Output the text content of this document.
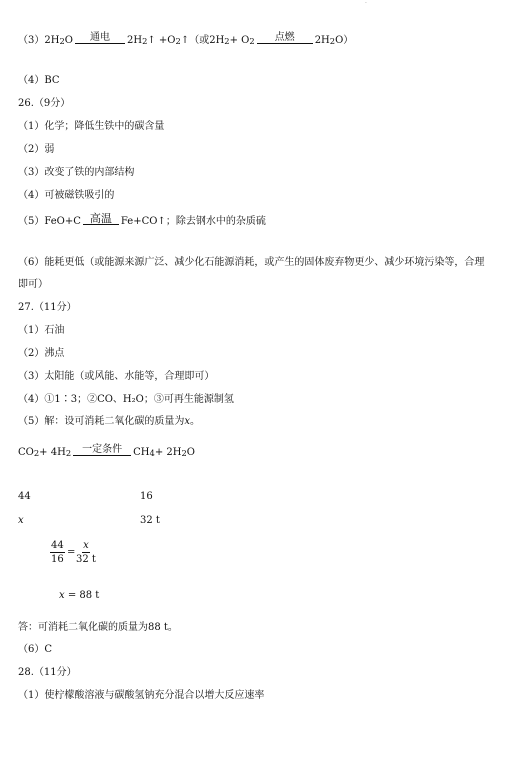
·
（3）2H 2 O 通电 2H 2 ↑ +O 2 ↑（或2H 2 + O 2 点燃 2H 2 O）
（4）BC
26.（9分）
（1）化学；降低生铁中的碳含量
（2）弱
（3）改变了铁的内部结构
（4）可被磁铁吸引的
（5）FeO+C 高温 Fe+CO↑；除去钢水中的杂质硫
（6）能耗更低（或能源来源广泛、减少化石能源消耗，或产生的固体废弃物更少、减少环境污染等，合理
即可）
27.（11分）
（1）石油
（2）沸点
（3）太阳能（或风能、水能等，合理即可）
（4）①1∶3；②CO、H₂O；③可再生能源制氢
（5）解：设可消耗二氧化碳的质量为x。
CO 2 + 4H 2 一定条件 CH 4 + 2H 2 O
44	16
x	32 t
$\frac{44}{16} = \frac{x}{32 t}$
x = 88 t
答：可消耗二氧化碳的质量为88 t。
（6）C
28.（11分）
（1）使柠檬酸溶液与碳酸氢钠充分混合以增大反应速率
